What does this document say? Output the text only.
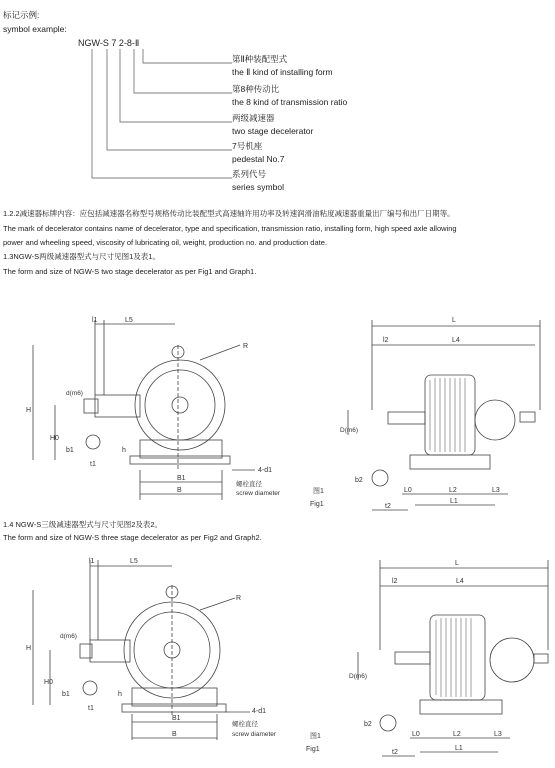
标记示例:
symbol example:
NGW-S 7 2-8-Ⅱ
第Ⅱ种装配型式
the Ⅱ kind of installing form
第8种传动比
the 8 kind of transmission ratio
两级减速器
two stage decelerator
7号机座
pedestal No.7
系列代号
series symbol
1.2.2减速器标牌内容：应包括减速器名称型号规格传动比装配型式高速轴许用功率及转速润滑油粘度减速器重量出厂编号和出厂日期等。
The mark of decelerator contains name of decelerator, type and specification, transmission ratio, installing form, high speed axle allowing
power and wheeling speed, viscosity of lubricating oil, weight, production no. and production date.
1.3NGW-S两级减速器型式与尺寸见图1及表1。
The form and size of NGW-S two stage decelerator as per Fig1 and Graph1.
1.4 NGW-S三级减速器型式与尺寸见图2及表2。
The form and size of NGW-S three stage decelerator as per Fig2 and Graph2.
l1	L5
R
H
H0
d(m6)
b1
t1
h
B1
B
4-d1
螺栓直径
screw diameter	图1
Fig1
L
l2	L4
D(m6)
b2
L0	L2	L3
t2
L1
l1	L5
R
H
H0
d(m6)
b1
t1
h
B1
B
4-d1
螺栓直径
screw diameter	图1
Fig1
L
l2	L4
D(m6)
b2
L0	L2	L3
t2
L1
